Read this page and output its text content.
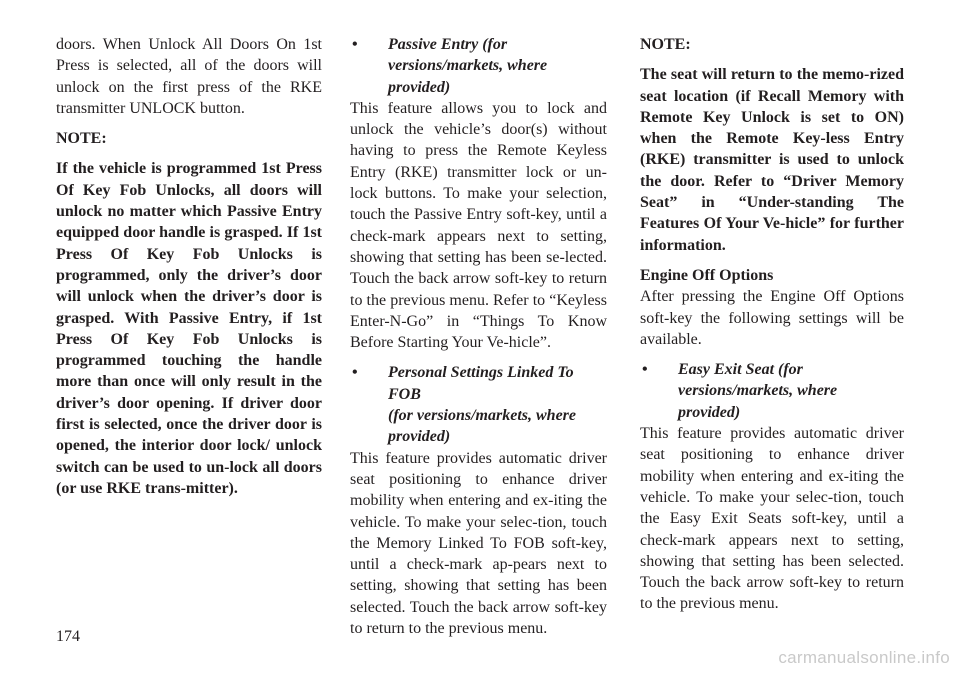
doors. When Unlock All Doors On 1st Press is selected, all of the doors will unlock on the first press of the RKE transmitter UNLOCK button.

NOTE:

If the vehicle is programmed 1st Press Of Key Fob Unlocks, all doors will unlock no matter which Passive Entry equipped door handle is grasped. If 1st Press Of Key Fob Unlocks is programmed, only the driver’s door will unlock when the driver’s door is grasped. With Passive Entry, if 1st Press Of Key Fob Unlocks is programmed touching the handle more than once will only result in the driver’s door opening. If driver door first is selected, once the driver door is opened, the interior door lock/ unlock switch can be used to un-lock all doors (or use RKE trans-mitter).

•	Passive Entry (for
versions/markets, where
provided)

This feature allows you to lock and unlock the vehicle’s door(s) without having to press the Remote Keyless Entry (RKE) transmitter lock or un-lock buttons. To make your selection, touch the Passive Entry soft-key, until a check-mark appears next to setting, showing that setting has been se-lected. Touch the back arrow soft-key to return to the previous menu. Refer to “Keyless Enter-N-Go” in “Things To Know Before Starting Your Ve-hicle”.

•	Personal Settings Linked To FOB
(for versions/markets, where
provided)

This feature provides automatic driver seat positioning to enhance driver mobility when entering and ex-iting the vehicle. To make your selec-tion, touch the Memory Linked To FOB soft-key, until a check-mark ap-pears next to setting, showing that setting has been selected. Touch the back arrow soft-key to return to the previous menu.

NOTE:

The seat will return to the memo-rized seat location (if Recall Memory with Remote Key Unlock is set to ON) when the Remote Key-less Entry (RKE) transmitter is used to unlock the door. Refer to “Driver Memory Seat” in “Under-standing The Features Of Your Ve-hicle” for further information.

Engine Off Options

After pressing the Engine Off Options soft-key the following settings will be available.

•	Easy Exit Seat (for
versions/markets, where
provided)

This feature provides automatic driver seat positioning to enhance driver mobility when entering and ex-iting the vehicle. To make your selec-tion, touch the Easy Exit Seats soft-key, until a check-mark appears next to setting, showing that setting has been selected. Touch the back arrow soft-key to return to the previous menu.

174
carmanualsonline.info
